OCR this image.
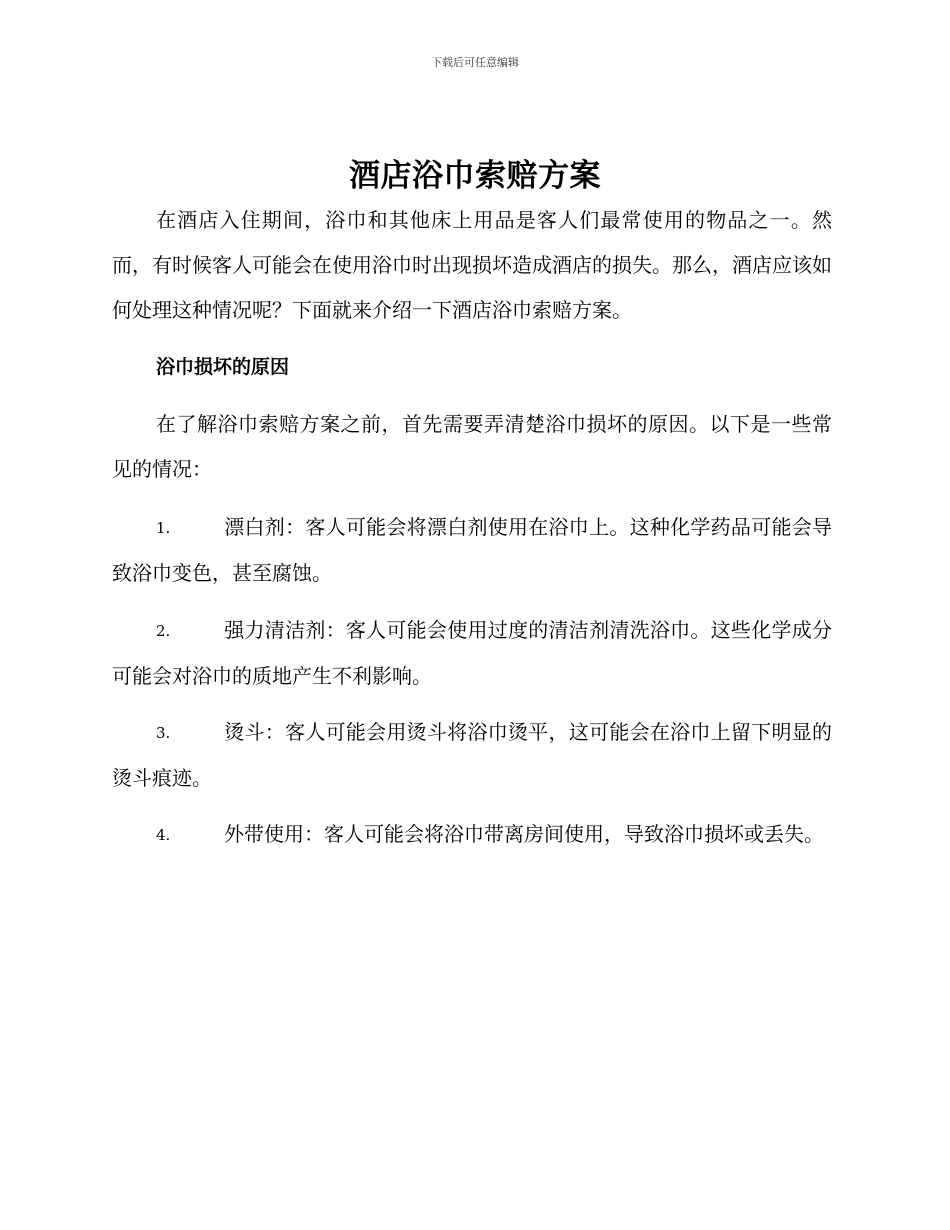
下载后可任意编辑
酒店浴巾索赔方案

在酒店入住期间，浴巾和其他床上用品是客人们最常使用的物品之一。然而，有时候客人可能会在使用浴巾时出现损坏造成酒店的损失。那么，酒店应该如何处理这种情况呢？下面就来介绍一下酒店浴巾索赔方案。

浴巾损坏的原因

在了解浴巾索赔方案之前，首先需要弄清楚浴巾损坏的原因。以下是一些常见的情况：

1.	漂白剂：客人可能会将漂白剂使用在浴巾上。这种化学药品可能会导致浴巾变色，甚至腐蚀。

2.	强力清洁剂：客人可能会使用过度的清洁剂清洗浴巾。这些化学成分可能会对浴巾的质地产生不利影响。

3.	烫斗：客人可能会用烫斗将浴巾烫平，这可能会在浴巾上留下明显的烫斗痕迹。

4.	外带使用：客人可能会将浴巾带离房间使用，导致浴巾损坏或丢失。
